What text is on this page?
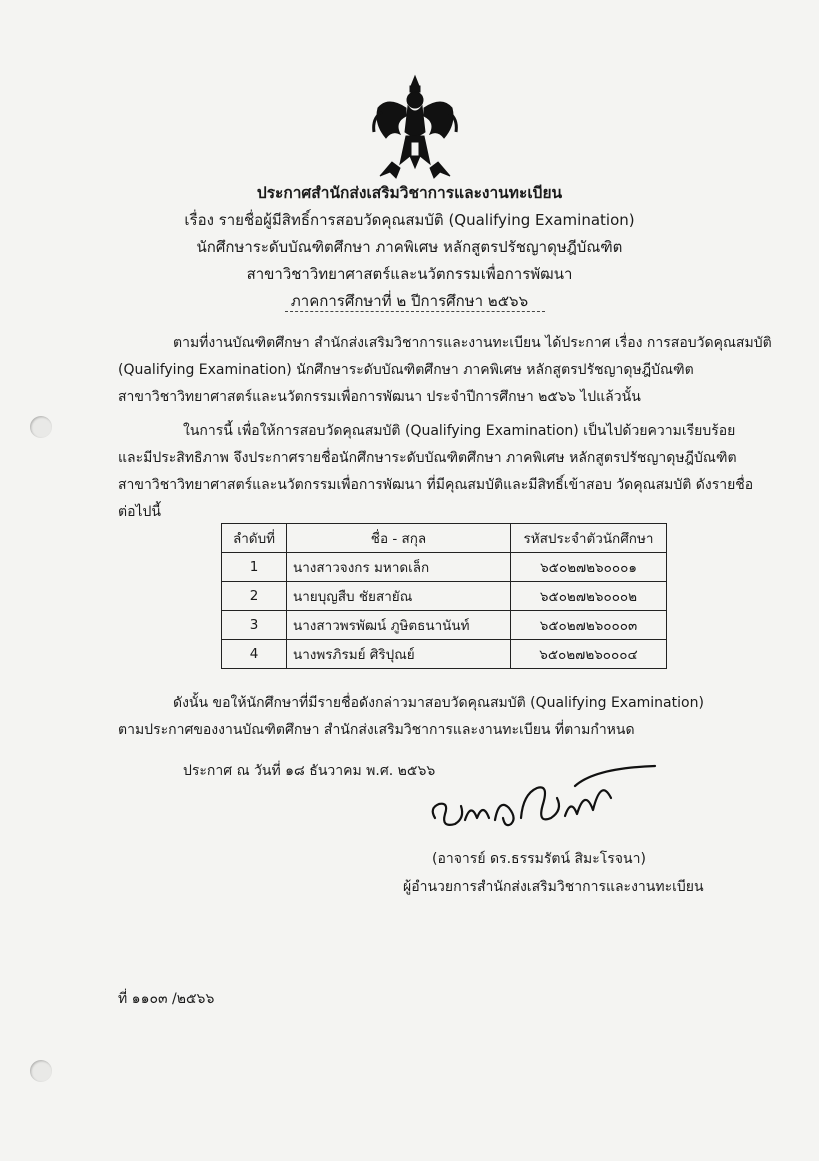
ประกาศสำนักส่งเสริมวิชาการและงานทะเบียน
เรื่อง รายชื่อผู้มีสิทธิ์การสอบวัดคุณสมบัติ (Qualifying Examination)
นักศึกษาระดับบัณฑิตศึกษา ภาคพิเศษ หลักสูตรปรัชญาดุษฎีบัณฑิต
สาขาวิชาวิทยาศาสตร์และนวัตกรรมเพื่อการพัฒนา
ภาคการศึกษาที่ ๒ ปีการศึกษา ๒๕๖๖
ตามที่งานบัณฑิตศึกษา สำนักส่งเสริมวิชาการและงานทะเบียน ได้ประกาศ เรื่อง การสอบวัดคุณสมบัติ
(Qualifying Examination) นักศึกษาระดับบัณฑิตศึกษา ภาคพิเศษ หลักสูตรปรัชญาดุษฎีบัณฑิต
สาขาวิชาวิทยาศาสตร์และนวัตกรรมเพื่อการพัฒนา ประจำปีการศึกษา ๒๕๖๖ ไปแล้วนั้น
ในการนี้ เพื่อให้การสอบวัดคุณสมบัติ (Qualifying Examination) เป็นไปด้วยความเรียบร้อย
และมีประสิทธิภาพ จึงประกาศรายชื่อนักศึกษาระดับบัณฑิตศึกษา ภาคพิเศษ หลักสูตรปรัชญาดุษฎีบัณฑิต
สาขาวิชาวิทยาศาสตร์และนวัตกรรมเพื่อการพัฒนา ที่มีคุณสมบัติและมีสิทธิ์เข้าสอบ วัดคุณสมบัติ ดังรายชื่อ
ต่อไปนี้
ลำดับที่	ชื่อ - สกุล	รหัสประจำตัวนักศึกษา
1	นางสาวจงกร มหาดเล็ก	๖๕๐๒๗๒๖๐๐๐๑
2	นายบุญสืบ ชัยสายัณ	๖๕๐๒๗๒๖๐๐๐๒
3	นางสาวพรพัฒน์ ภูษิตธนานันท์	๖๕๐๒๗๒๖๐๐๐๓
4	นางพรภิรมย์ ศิริปุณย์	๖๕๐๒๗๒๖๐๐๐๔
ดังนั้น ขอให้นักศึกษาที่มีรายชื่อดังกล่าวมาสอบวัดคุณสมบัติ (Qualifying Examination)
ตามประกาศของงานบัณฑิตศึกษา สำนักส่งเสริมวิชาการและงานทะเบียน ที่ตามกำหนด
ประกาศ ณ วันที่ ๑๘ ธันวาคม พ.ศ. ๒๕๖๖
(อาจารย์ ดร.ธรรมรัตน์ สิมะโรจนา)
ผู้อำนวยการสำนักส่งเสริมวิชาการและงานทะเบียน
ที่ ๑๑๐๓ /๒๕๖๖
